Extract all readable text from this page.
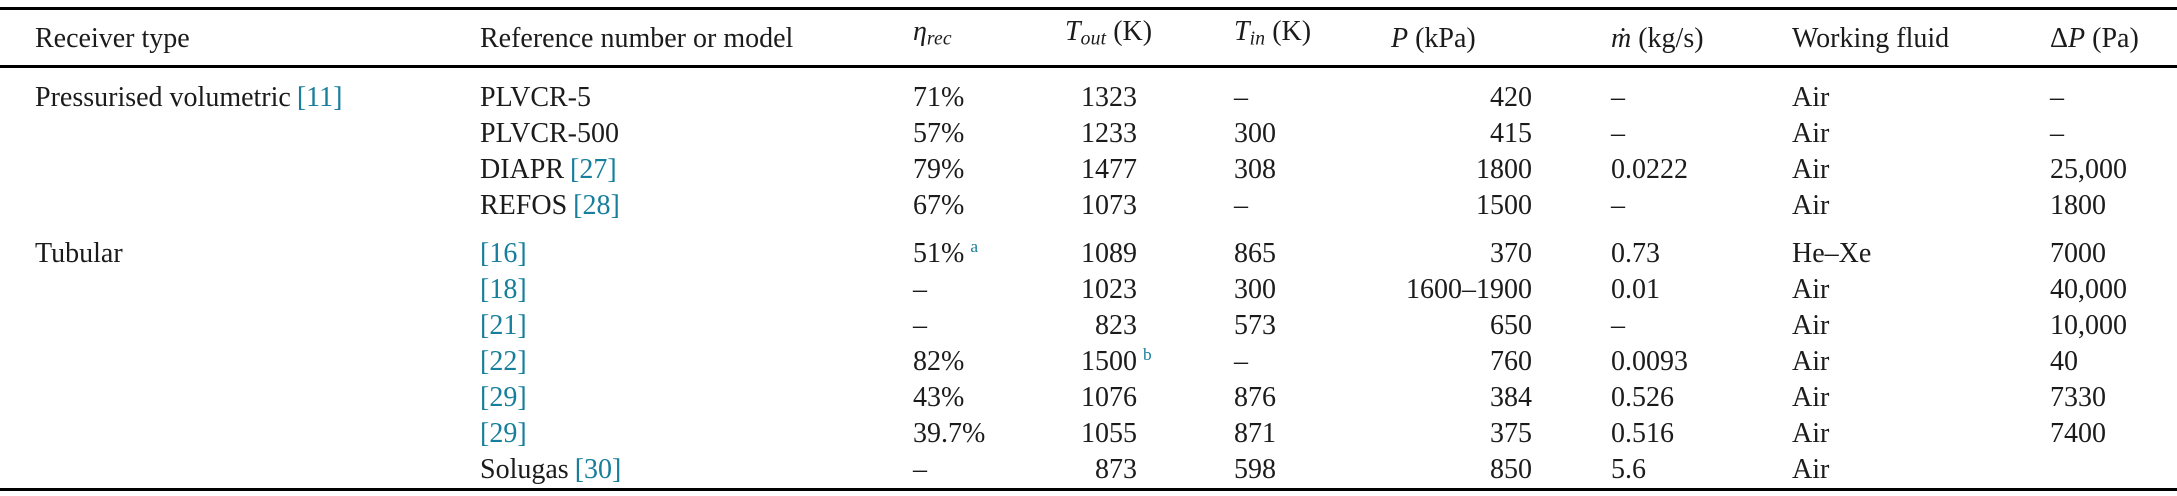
Receiver type	Reference number or model	ηrec	Tout (K)	Tin (K)	P (kPa)	ṁ (kg/s)	Working fluid	ΔP (Pa)
Pressurised volumetric [11]	PLVCR-5	71%	1323	–	420	–	Air	–
	PLVCR-500	57%	1233	300	415	–	Air	–
	DIAPR [27]	79%	1477	308	1800	0.0222	Air	25,000
	REFOS [28]	67%	1073	–	1500	–	Air	1800
Tubular	[16]	51% $^a$	1089	865	370	0.73	He–Xe	7000
	[18]	–	1023	300	1600–1900	0.01	Air	40,000
	[21]	–	823	573	650	–	Air	10,000
	[22]	82%	1500 $^b$	–	760	0.0093	Air	40
	[29]	43%	1076	876	384	0.526	Air	7330
	[29]	39.7%	1055	871	375	0.516	Air	7400
	Solugas [30]	–	873	598	850	5.6	Air	
